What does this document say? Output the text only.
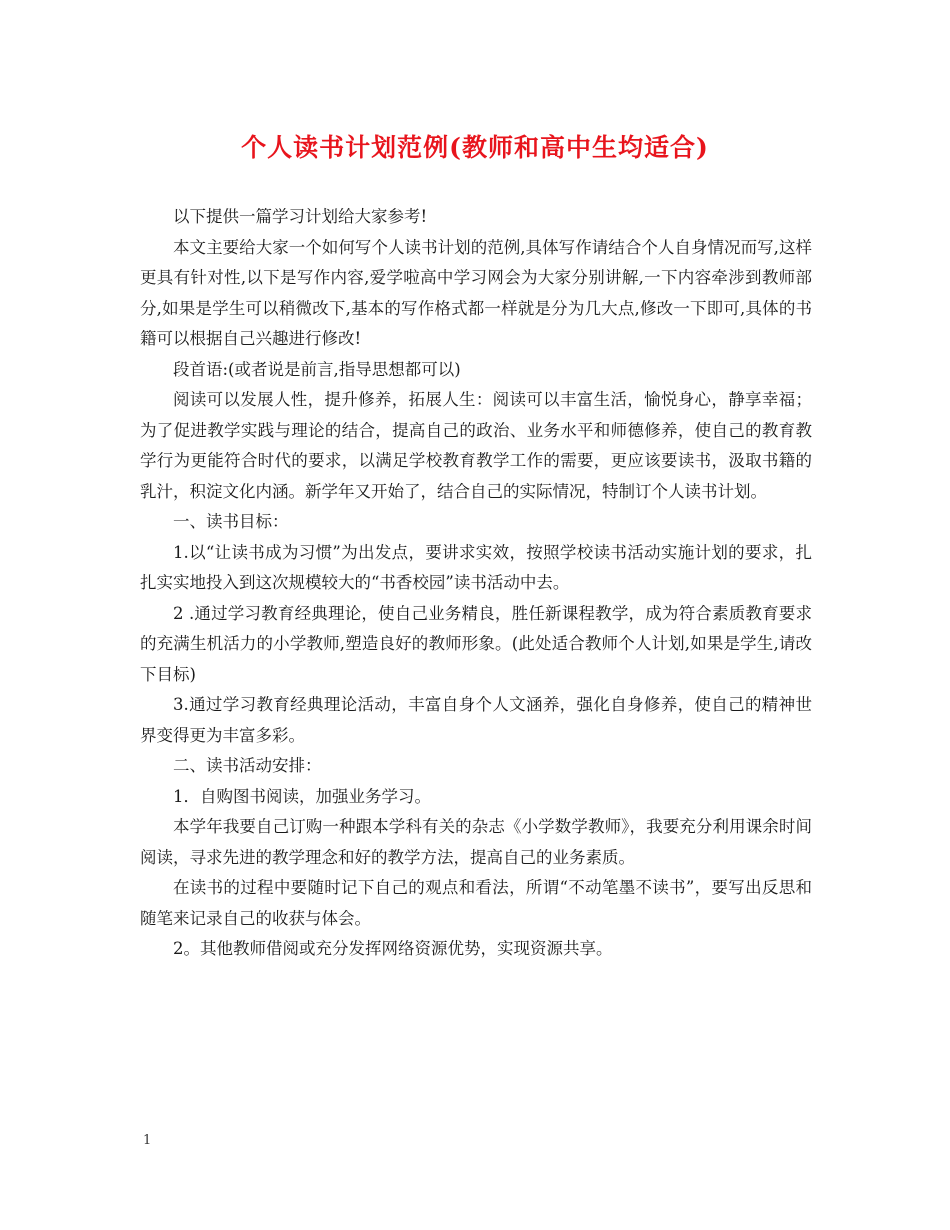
个人读书计划范例(教师和高中生均适合)

以下提供一篇学习计划给大家参考!

本文主要给大家一个如何写个人读书计划的范例,具体写作请结合个人自身情况而写,这样更具有针对性,以下是写作内容,爱学啦高中学习网会为大家分别讲解,一下内容牵涉到教师部分,如果是学生可以稍微改下,基本的写作格式都一样就是分为几大点,修改一下即可,具体的书籍可以根据自己兴趣进行修改!

段首语:(或者说是前言,指导思想都可以)

阅读可以发展人性，提升修养，拓展人生：阅读可以丰富生活，愉悦身心，静享幸福；为了促进教学实践与理论的结合，提高自己的政治、业务水平和师德修养，使自己的教育教学行为更能符合时代的要求，以满足学校教育教学工作的需要，更应该要读书，汲取书籍的乳汁，积淀文化内涵。新学年又开始了，结合自己的实际情况，特制订个人读书计划。

一、读书目标：

1.以“让读书成为习惯”为出发点，要讲求实效，按照学校读书活动实施计划的要求，扎扎实实地投入到这次规模较大的“书香校园”读书活动中去。

2 .通过学习教育经典理论，使自己业务精良，胜任新课程教学，成为符合素质教育要求的充满生机活力的小学教师,塑造良好的教师形象。(此处适合教师个人计划,如果是学生,请改下目标)

3.通过学习教育经典理论活动，丰富自身个人文涵养，强化自身修养，使自己的精神世界变得更为丰富多彩。

二、读书活动安排：

1．自购图书阅读，加强业务学习。

本学年我要自己订购一种跟本学科有关的杂志《小学数学教师》，我要充分利用课余时间阅读，寻求先进的教学理念和好的教学方法，提高自己的业务素质。

在读书的过程中要随时记下自己的观点和看法，所谓“不动笔墨不读书”，要写出反思和随笔来记录自己的收获与体会。

2。其他教师借阅或充分发挥网络资源优势，实现资源共享。

1
